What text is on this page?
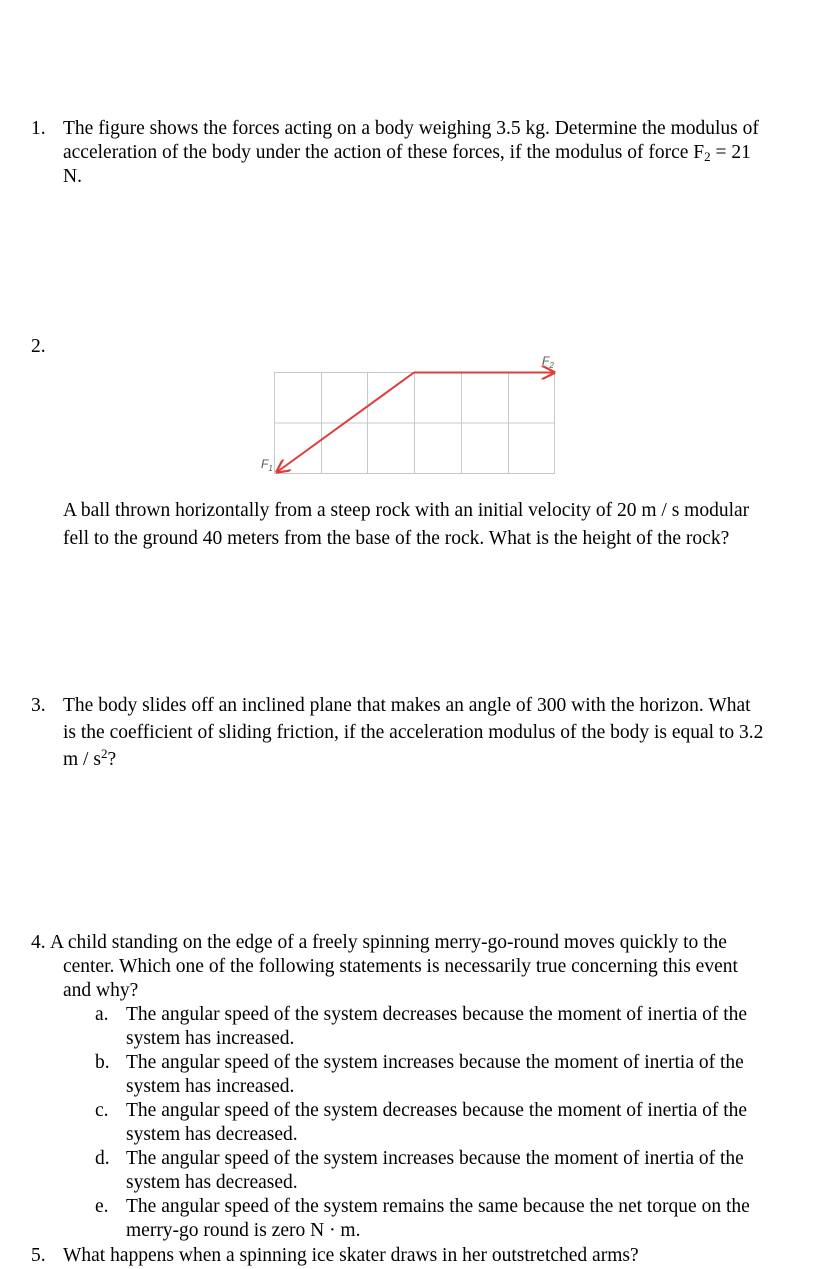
1. The figure shows the forces acting on a body weighing 3.5 kg. Determine the modulus of
acceleration of the body under the action of these forces, if the modulus of force $F_2 = 21$
N.
2.
$F_1$
$F_2$
A ball thrown horizontally from a steep rock with an initial velocity of 20 m / s modular
fell to the ground 40 meters from the base of the rock. What is the height of the rock?
3. The body slides off an inclined plane that makes an angle of 300 with the horizon. What
is the coefficient of sliding friction, if the acceleration modulus of the body is equal to 3.2
m / $s^2$?
4. A child standing on the edge of a freely spinning merry-go-round moves quickly to the
center. Which one of the following statements is necessarily true concerning this event
and why?
a. The angular speed of the system decreases because the moment of inertia of the
system has increased.
b. The angular speed of the system increases because the moment of inertia of the
system has increased.
c. The angular speed of the system decreases because the moment of inertia of the
system has decreased.
d. The angular speed of the system increases because the moment of inertia of the
system has decreased.
e. The angular speed of the system remains the same because the net torque on the
merry-go round is zero N · m.
5. What happens when a spinning ice skater draws in her outstretched arms?
